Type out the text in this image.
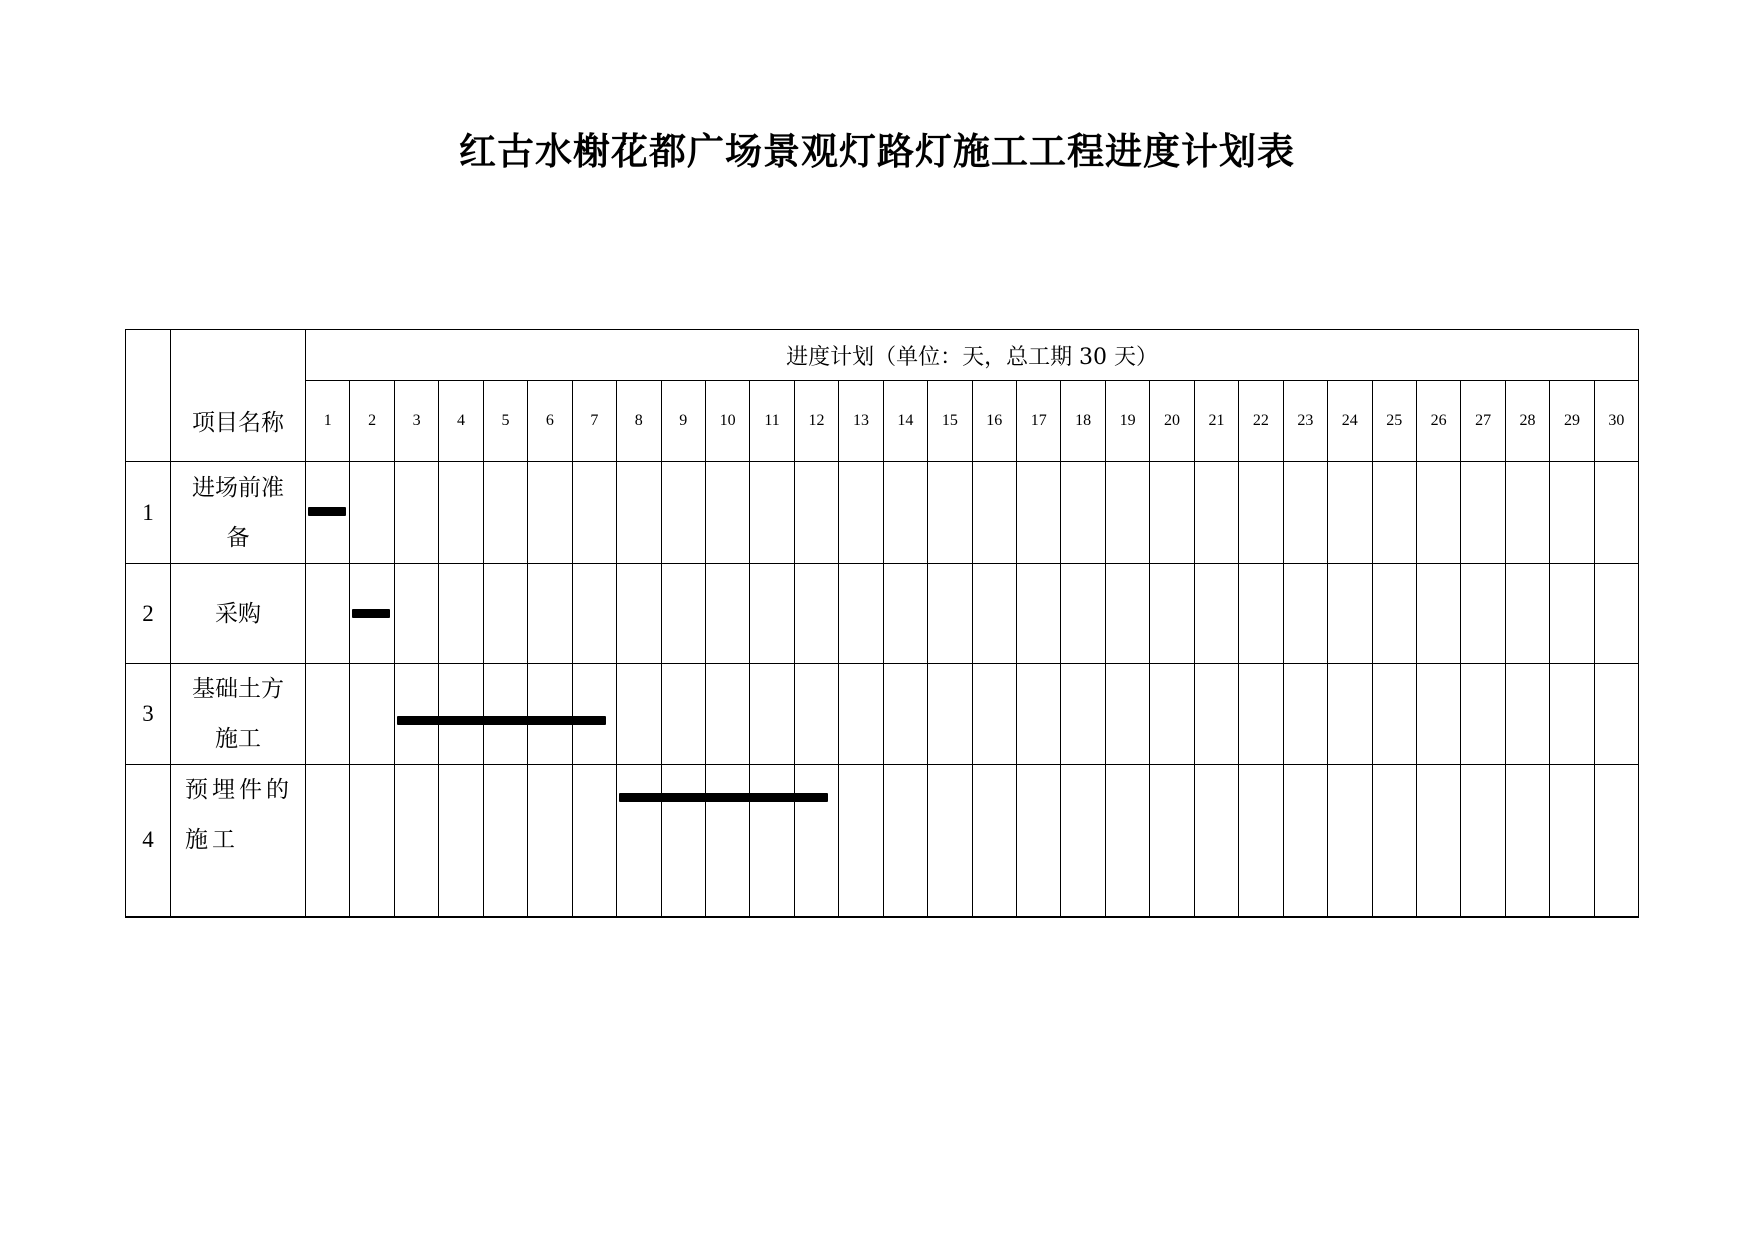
红古水榭花都广场景观灯路灯施工工程进度计划表
	项目名称	进度计划（单位：天，总工期 30 天）																													
		1	2	3	4	5	6	7	8	9	10	11	12	13	14	15	16	17	18	19	20	21	22	23	24	25	26	27	28	29	30
1	进场前准
备																														

2	采购																														

3	基础土方
施工																														

4	预埋件的
施工																														
